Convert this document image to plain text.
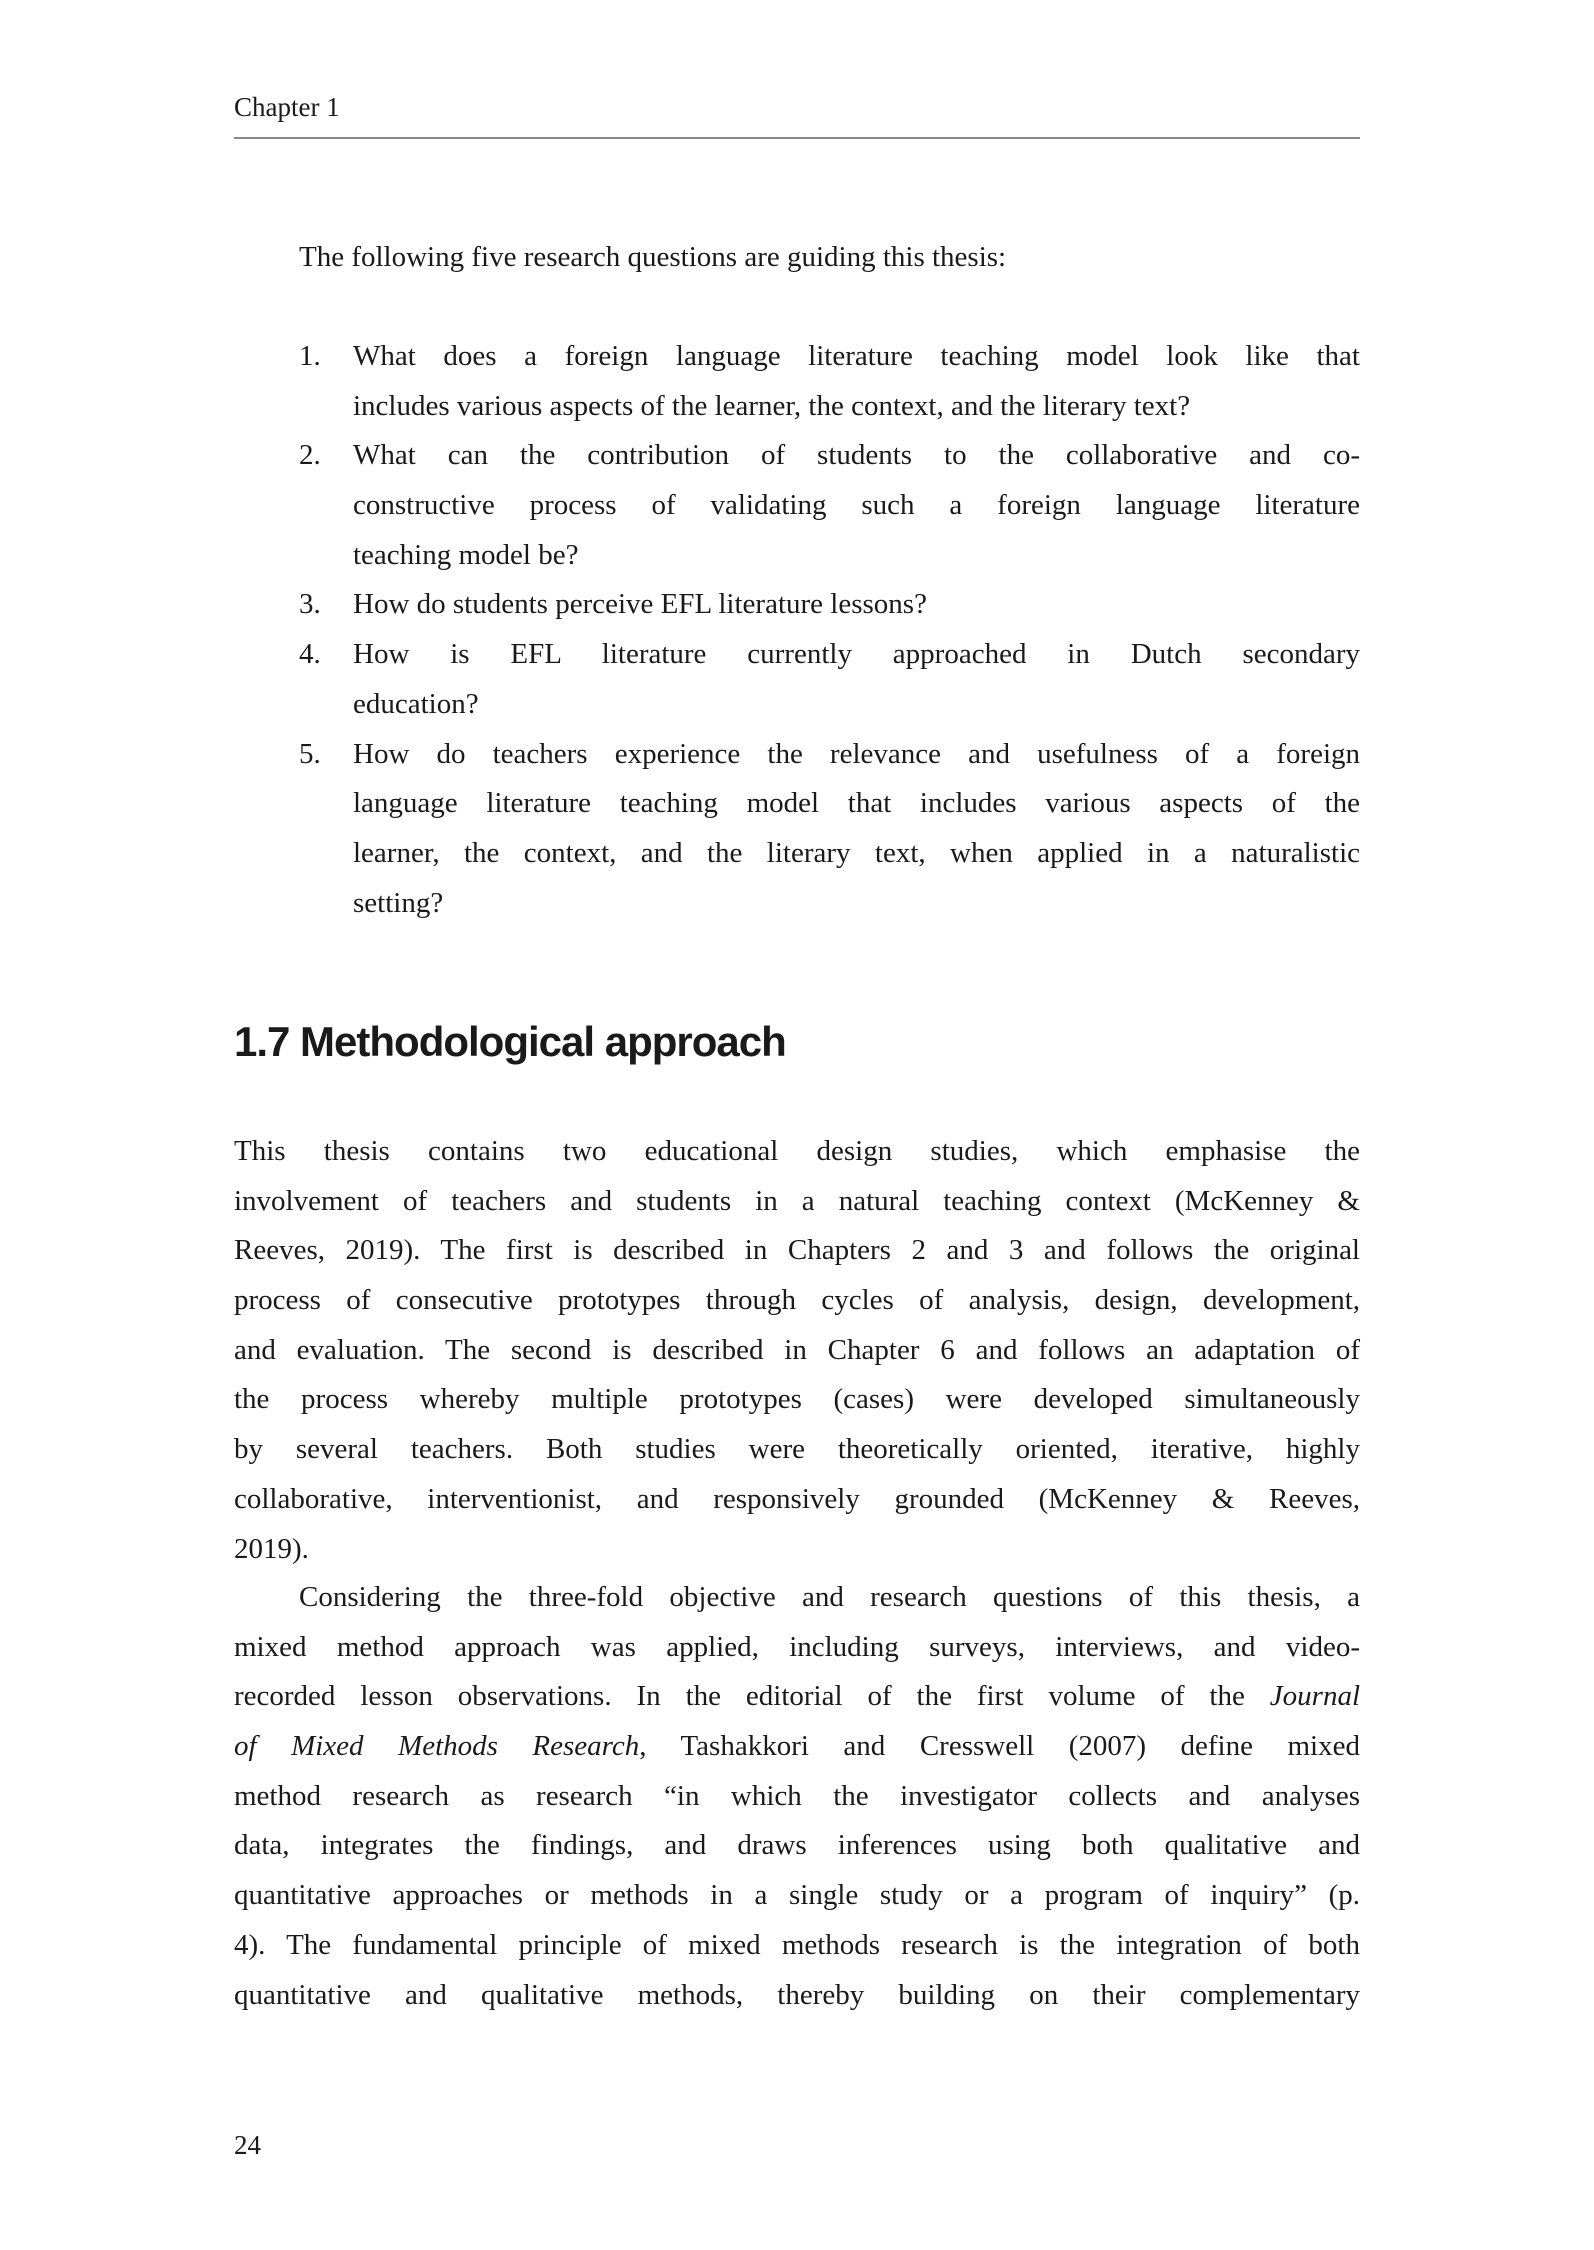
Chapter 1
The following five research questions are guiding this thesis:
1. What does a foreign language literature teaching model look like that
includes various aspects of the learner, the context, and the literary text?
2. What can the contribution of students to the collaborative and co-
constructive process of validating such a foreign language literature
teaching model be?
3. How do students perceive EFL literature lessons?
4. How is EFL literature currently approached in Dutch secondary
education?
5. How do teachers experience the relevance and usefulness of a foreign
language literature teaching model that includes various aspects of the
learner, the context, and the literary text, when applied in a naturalistic
setting?
1.7 Methodological approach
This thesis contains two educational design studies, which emphasise the
involvement of teachers and students in a natural teaching context (McKenney &
Reeves, 2019). The first is described in Chapters 2 and 3 and follows the original
process of consecutive prototypes through cycles of analysis, design, development,
and evaluation. The second is described in Chapter 6 and follows an adaptation of
the process whereby multiple prototypes (cases) were developed simultaneously
by several teachers. Both studies were theoretically oriented, iterative, highly
collaborative, interventionist, and responsively grounded (McKenney & Reeves,
2019).
Considering the three-fold objective and research questions of this thesis, a
mixed method approach was applied, including surveys, interviews, and video-
recorded lesson observations. In the editorial of the first volume of the Journal
of Mixed Methods Research, Tashakkori and Cresswell (2007) define mixed
method research as research “in which the investigator collects and analyses
data, integrates the findings, and draws inferences using both qualitative and
quantitative approaches or methods in a single study or a program of inquiry” (p.
4). The fundamental principle of mixed methods research is the integration of both
quantitative and qualitative methods, thereby building on their complementary
24
